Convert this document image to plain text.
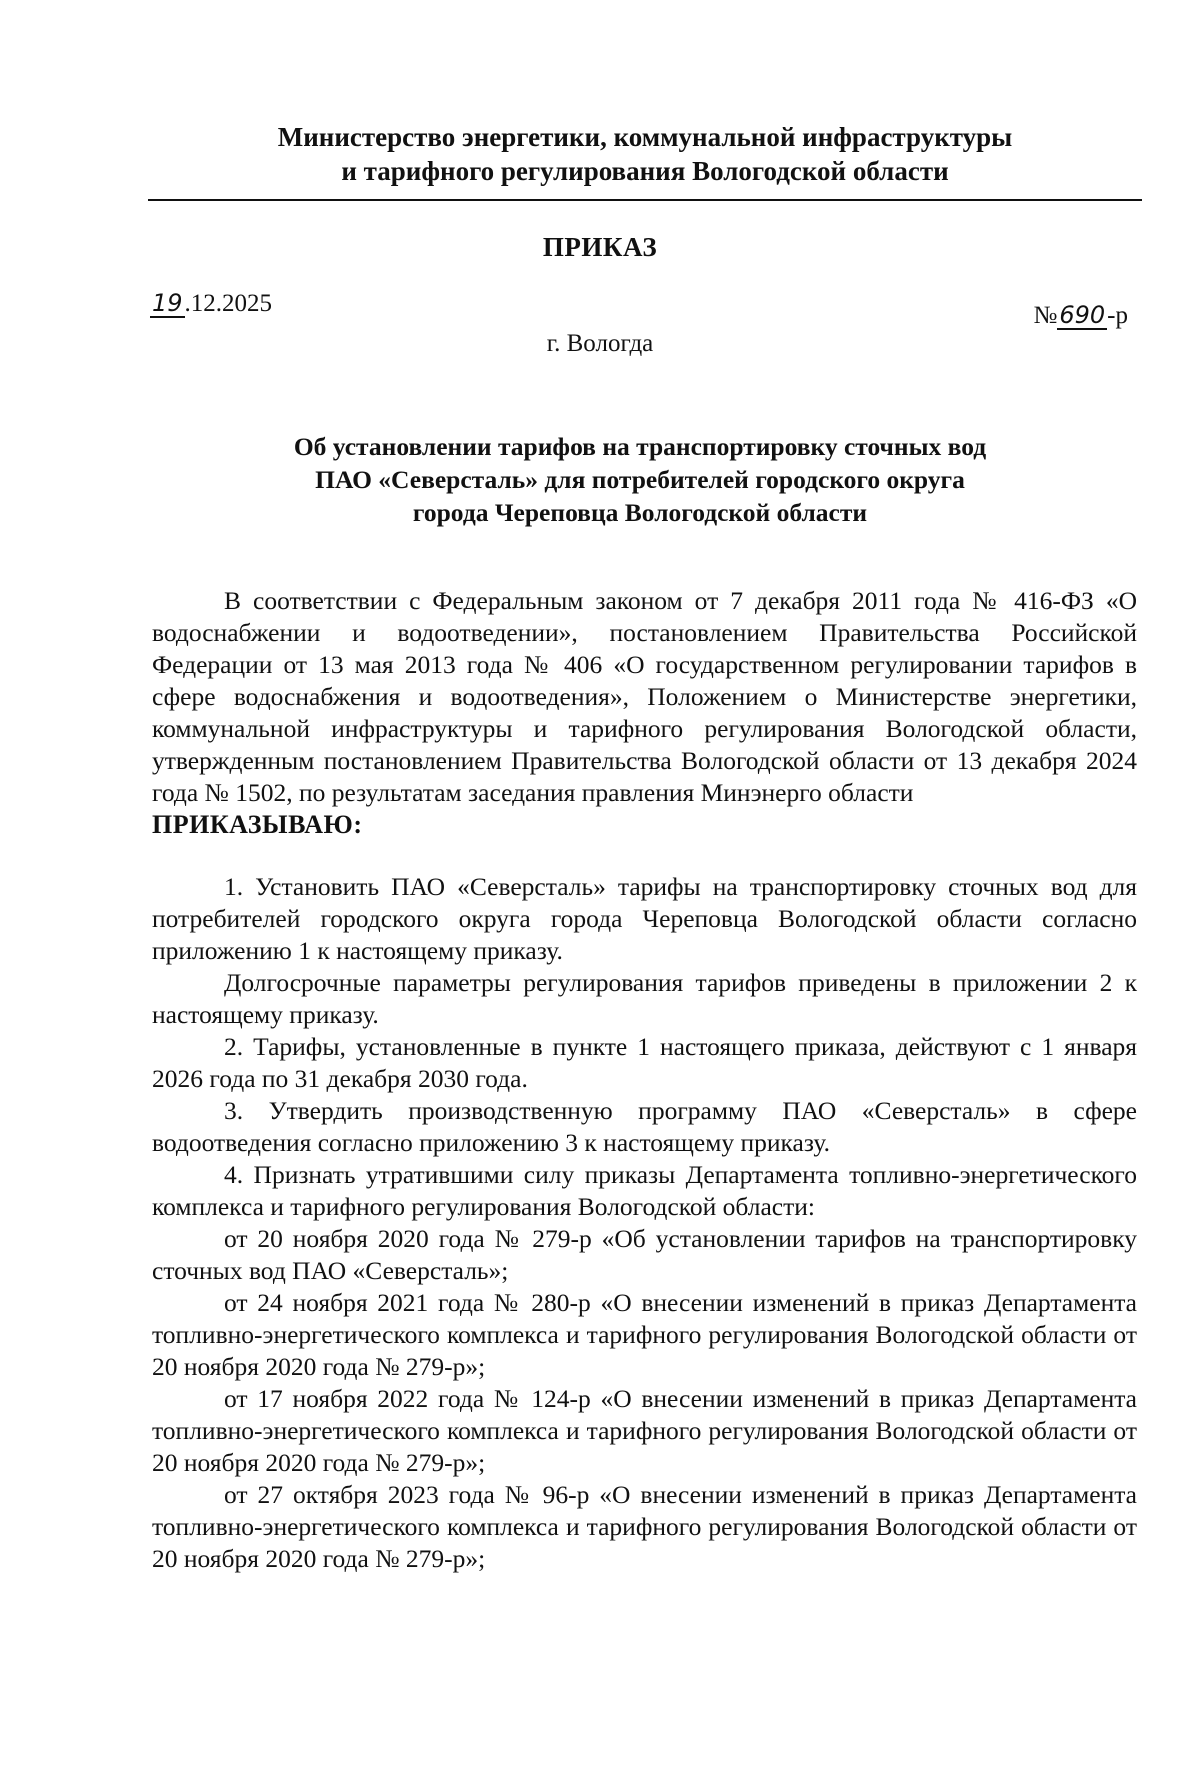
Министерство энергетики, коммунальной инфраструктуры
и тарифного регулирования Вологодской области
ПРИКАЗ
19.12.2025	№690-р
г. Вологда
Об установлении тарифов на транспортировку сточных вод
ПАО «Северсталь» для потребителей городского округа
города Череповца Вологодской области

В соответствии с Федеральным законом от 7 декабря 2011 года № 416-ФЗ «О водоснабжении и водоотведении», постановлением Правительства Российской Федерации от 13 мая 2013 года № 406 «О государственном регулировании тарифов в сфере водоснабжения и водоотведения», Положением о Министерстве энергетики, коммунальной инфраструктуры и тарифного регулирования Вологодской области, утвержденным постановлением Правительства Вологодской области от 13 декабря 2024 года № 1502, по результатам заседания правления Минэнерго области

ПРИКАЗЫВАЮ:

1. Установить ПАО «Северсталь» тарифы на транспортировку сточных вод для потребителей городского округа города Череповца Вологодской области согласно приложению 1 к настоящему приказу.

Долгосрочные параметры регулирования тарифов приведены в приложении 2 к настоящему приказу.

2. Тарифы, установленные в пункте 1 настоящего приказа, действуют с 1 января 2026 года по 31 декабря 2030 года.

3. Утвердить производственную программу ПАО «Северсталь» в сфере водоотведения согласно приложению 3 к настоящему приказу.

4. Признать утратившими силу приказы Департамента топливно-энергетического комплекса и тарифного регулирования Вологодской области:

от 20 ноября 2020 года № 279-р «Об установлении тарифов на транспортировку сточных вод ПАО «Северсталь»;

от 24 ноября 2021 года № 280-р «О внесении изменений в приказ Департамента топливно-энергетического комплекса и тарифного регулирования Вологодской области от 20 ноября 2020 года № 279-р»;

от 17 ноября 2022 года № 124-р «О внесении изменений в приказ Департамента топливно-энергетического комплекса и тарифного регулирования Вологодской области от 20 ноября 2020 года № 279-р»;

от 27 октября 2023 года № 96-р «О внесении изменений в приказ Департамента топливно-энергетического комплекса и тарифного регулирования Вологодской области от 20 ноября 2020 года № 279-р»;
